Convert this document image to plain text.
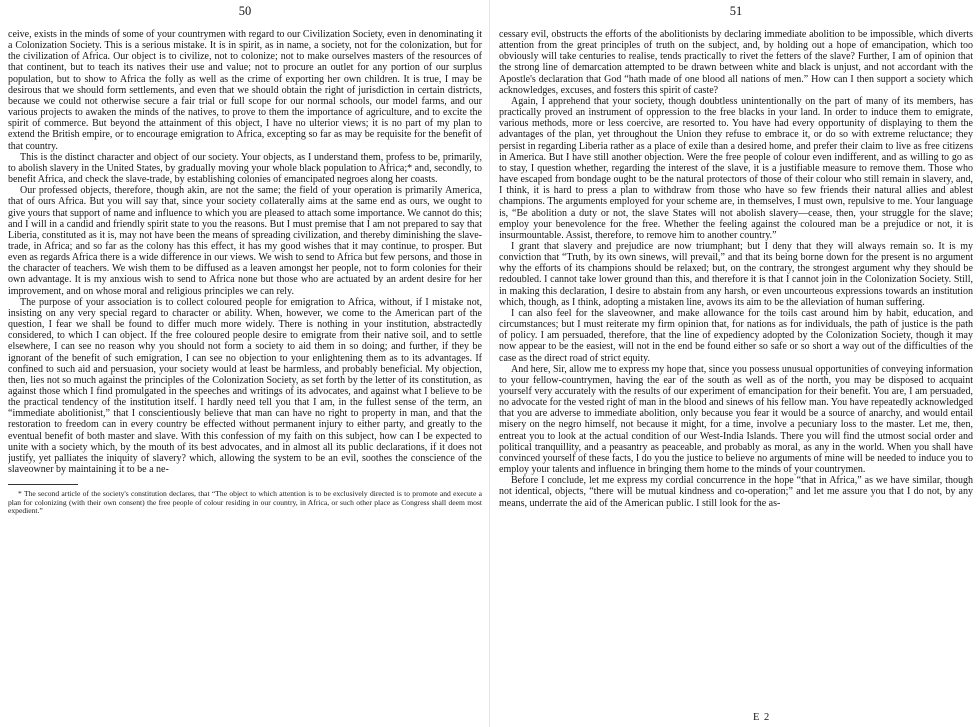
50

ceive, exists in the minds of some of your countrymen with regard to our Civilization Society, even in denominating it a Colonization Society. This is a serious mistake. It is in spirit, as in name, a society, not for the colonization, but for the civilization of Africa. Our object is to civilize, not to colonize; not to make ourselves masters of the resources of that continent, but to teach its natives their use and value; not to procure an outlet for any portion of our surplus population, but to show to Africa the folly as well as the crime of exporting her own children. It is true, I may be desirous that we should form settlements, and even that we should obtain the right of jurisdiction in certain districts, because we could not otherwise secure a fair trial or full scope for our normal schools, our model farms, and our various projects to awaken the minds of the natives, to prove to them the importance of agriculture, and to excite the spirit of commerce. But beyond the attainment of this object, I have no ulterior views; it is no part of my plan to extend the British empire, or to encourage emigration to Africa, excepting so far as may be requisite for the benefit of that country.

This is the distinct character and object of our society. Your objects, as I understand them, profess to be, primarily, to abolish slavery in the United States, by gradually moving your whole black population to Africa;* and, secondly, to benefit Africa, and check the slave-trade, by establishing colonies of emancipated negroes along her coasts.

Our professed objects, therefore, though akin, are not the same; the field of your operation is primarily America, that of ours Africa. But you will say that, since your society collaterally aims at the same end as ours, we ought to give yours that support of name and influence to which you are pleased to attach some importance. We cannot do this; and I will in a candid and friendly spirit state to you the reasons. But I must premise that I am not prepared to say that Liberia, constituted as it is, may not have been the means of spreading civilization, and thereby diminishing the slave-trade, in Africa; and so far as the colony has this effect, it has my good wishes that it may continue, to prosper. But even as regards Africa there is a wide difference in our views. We wish to send to Africa but few persons, and those in the character of teachers. We wish them to be diffused as a leaven amongst her people, not to form colonies for their own advantage. It is my anxious wish to send to Africa none but those who are actuated by an ardent desire for her improvement, and on whose moral and religious principles we can rely.

The purpose of your association is to collect coloured people for emigration to Africa, without, if I mistake not, insisting on any very special regard to character or ability. When, however, we come to the American part of the question, I fear we shall be found to differ much more widely. There is nothing in your institution, abstractedly considered, to which I can object. If the free coloured people desire to emigrate from their native soil, and to settle elsewhere, I can see no reason why you should not form a society to aid them in so doing; and further, if they be ignorant of the benefit of such emigration, I can see no objection to your enlightening them as to its advantages. If confined to such aid and persuasion, your society would at least be harmless, and probably beneficial. My objection, then, lies not so much against the principles of the Colonization Society, as set forth by the letter of its constitution, as against those which I find promulgated in the speeches and writings of its advocates, and against what I believe to be the practical tendency of the institution itself. I hardly need tell you that I am, in the fullest sense of the term, an “immediate abolitionist,” that I conscientiously believe that man can have no right to property in man, and that the restoration to freedom can in every country be effected without permanent injury to either party, and greatly to the eventual benefit of both master and slave. With this confession of my faith on this subject, how can I be expected to unite with a society which, by the mouth of its best advocates, and in almost all its public declarations, if it does not justify, yet palliates the iniquity of slavery? which, allowing the system to be an evil, soothes the conscience of the slaveowner by maintaining it to be a ne-

* The second article of the society's constitution declares, that “The object to which attention is to be exclusively directed is to promote and execute a plan for colonizing (with their own consent) the free people of colour residing in our country, in Africa, or such other place as Congress shall deem most expedient.”

51

cessary evil, obstructs the efforts of the abolitionists by declaring immediate abolition to be impossible, which diverts attention from the great principles of truth on the subject, and, by holding out a hope of emancipation, which too obviously will take centuries to realise, tends practically to rivet the fetters of the slave? Further, I am of opinion that the strong line of demarcation attempted to be drawn between white and black is unjust, and not accordant with the Apostle's declaration that God “hath made of one blood all nations of men.” How can I then support a society which acknowledges, excuses, and fosters this spirit of caste?

Again, I apprehend that your society, though doubtless unintentionally on the part of many of its members, has practically proved an instrument of oppression to the free blacks in your land. In order to induce them to emigrate, various methods, more or less coercive, are resorted to. You have had every opportunity of displaying to them the advantages of the plan, yet throughout the Union they refuse to embrace it, or do so with extreme reluctance; they persist in regarding Liberia rather as a place of exile than a desired home, and prefer their claim to live as free citizens in America. But I have still another objection. Were the free people of colour even indifferent, and as willing to go as to stay, I question whether, regarding the interest of the slave, it is a justifiable measure to remove them. Those who have escaped from bondage ought to be the natural protectors of those of their colour who still remain in slavery, and, I think, it is hard to press a plan to withdraw from those who have so few friends their natural allies and ablest champions. The arguments employed for your scheme are, in themselves, I must own, repulsive to me. Your language is, “Be abolition a duty or not, the slave States will not abolish slavery—cease, then, your struggle for the slave; employ your benevolence for the free. Whether the feeling against the coloured man be a prejudice or not, it is insurmountable. Assist, therefore, to remove him to another country.”

I grant that slavery and prejudice are now triumphant; but I deny that they will always remain so. It is my conviction that “Truth, by its own sinews, will prevail,” and that its being borne down for the present is no argument why the efforts of its champions should be relaxed; but, on the contrary, the strongest argument why they should be redoubled. I cannot take lower ground than this, and therefore it is that I cannot join in the Colonization Society. Still, in making this declaration, I desire to abstain from any harsh, or even uncourteous expressions towards an institution which, though, as I think, adopting a mistaken line, avows its aim to be the alleviation of human suffering.

I can also feel for the slaveowner, and make allowance for the toils cast around him by habit, education, and circumstances; but I must reiterate my firm opinion that, for nations as for individuals, the path of justice is the path of policy. I am persuaded, therefore, that the line of expediency adopted by the Colonization Society, though it may now appear to be the easiest, will not in the end be found either so safe or so short a way out of the difficulties of the case as the direct road of strict equity.

And here, Sir, allow me to express my hope that, since you possess unusual opportunities of conveying information to your fellow-countrymen, having the ear of the south as well as of the north, you may be disposed to acquaint yourself very accurately with the results of our experiment of emancipation for their benefit. You are, I am persuaded, no advocate for the vested right of man in the blood and sinews of his fellow man. You have repeatedly acknowledged that you are adverse to immediate abolition, only because you fear it would be a source of anarchy, and would entail misery on the negro himself, not because it might, for a time, involve a pecuniary loss to the master. Let me, then, entreat you to look at the actual condition of our West-India Islands. There you will find the utmost social order and political tranquillity, and a peasantry as peaceable, and probably as moral, as any in the world. When you shall have convinced yourself of these facts, I do you the justice to believe no arguments of mine will be needed to induce you to employ your talents and influence in bringing them home to the minds of your countrymen.

Before I conclude, let me express my cordial concurrence in the hope “that in Africa,” as we have similar, though not identical, objects, “there will be mutual kindness and co-operation;” and let me assure you that I do not, by any means, underrate the aid of the American public. I still look for the as-

E 2
